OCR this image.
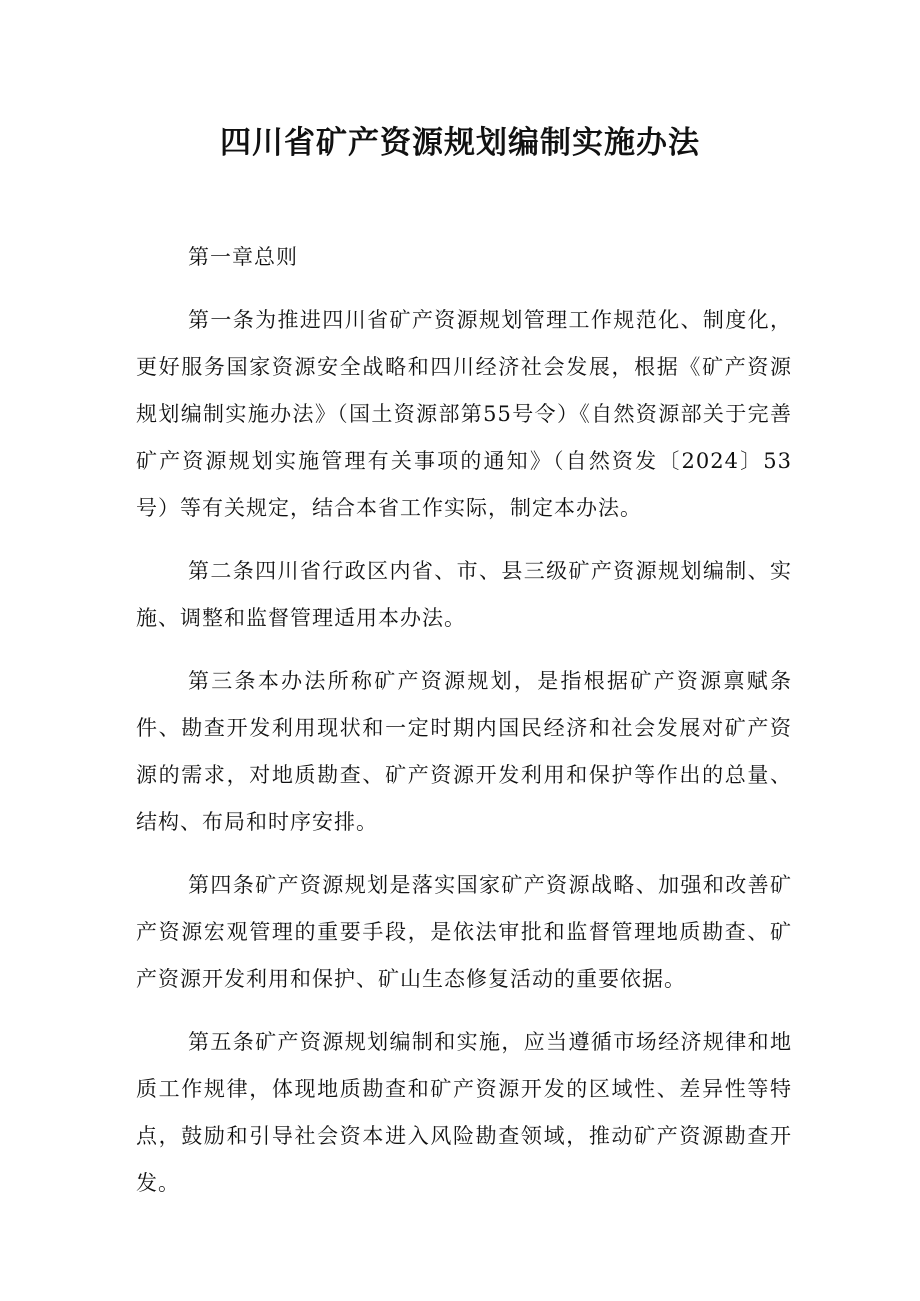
四川省矿产资源规划编制实施办法

第一章总则

第一条为推进四川省矿产资源规划管理工作规范化、制度化，更好服务国家资源安全战略和四川经济社会发展，根据《矿产资源规划编制实施办法》（国土资源部第55号令）《自然资源部关于完善矿产资源规划实施管理有关事项的通知》（自然资发〔2024〕53号）等有关规定，结合本省工作实际，制定本办法。

第二条四川省行政区内省、市、县三级矿产资源规划编制、实施、调整和监督管理适用本办法。

第三条本办法所称矿产资源规划，是指根据矿产资源禀赋条件、勘查开发利用现状和一定时期内国民经济和社会发展对矿产资源的需求，对地质勘查、矿产资源开发利用和保护等作出的总量、结构、布局和时序安排。

第四条矿产资源规划是落实国家矿产资源战略、加强和改善矿产资源宏观管理的重要手段，是依法审批和监督管理地质勘查、矿产资源开发利用和保护、矿山生态修复活动的重要依据。

第五条矿产资源规划编制和实施，应当遵循市场经济规律和地质工作规律，体现地质勘查和矿产资源开发的区域性、差异性等特点，鼓励和引导社会资本进入风险勘查领域，推动矿产资源勘查开发。
